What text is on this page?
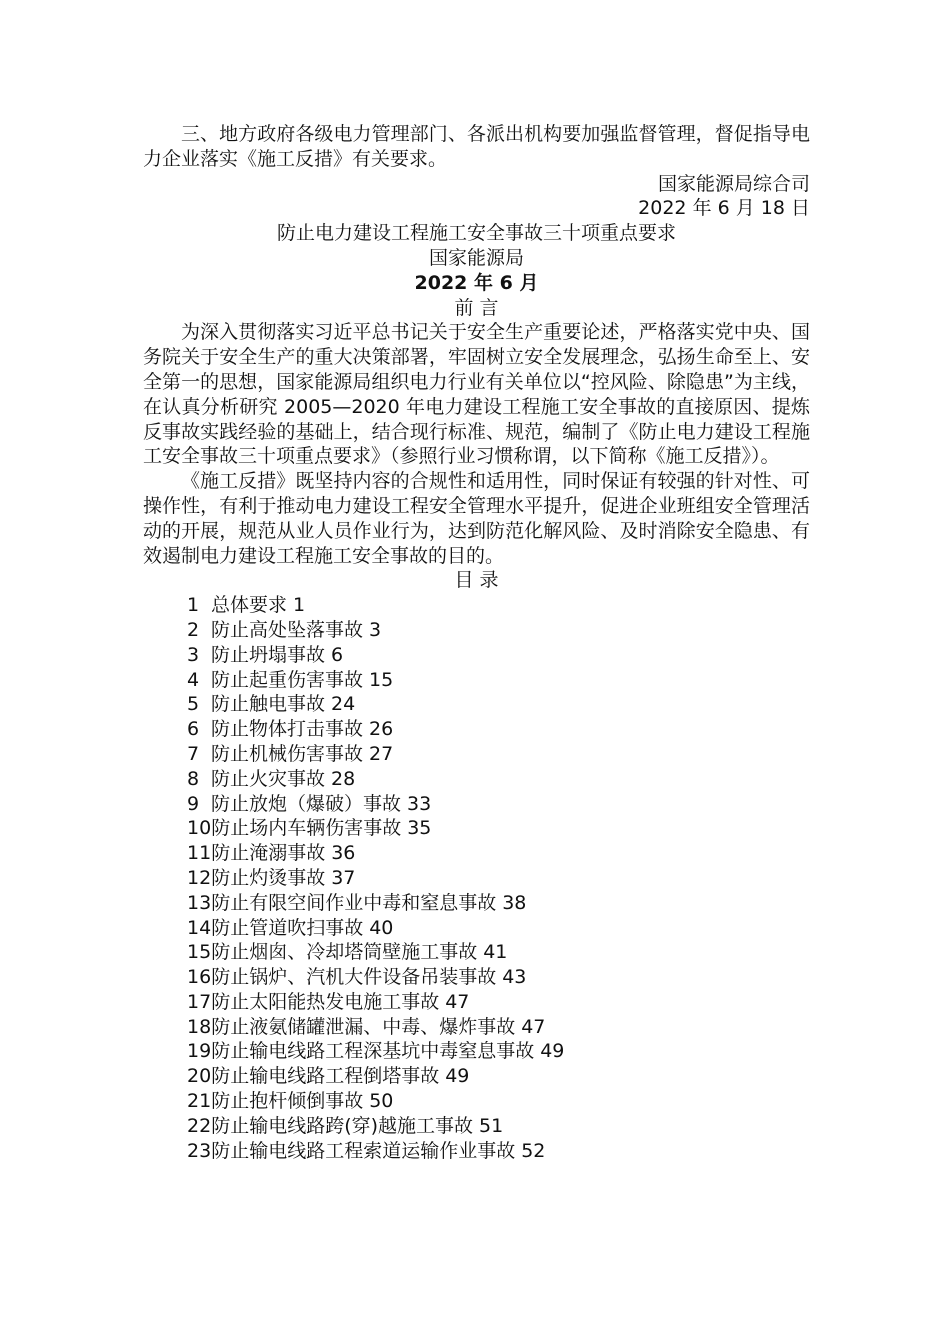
三、地方政府各级电力管理部门、各派出机构要加强监督管理，督促指导电力企业落实《施工反措》有关要求。

国家能源局综合司

2022 年 6 月 18 日

防止电力建设工程施工安全事故三十项重点要求

国家能源局

2022 年 6 月

前 言

为深入贯彻落实习近平总书记关于安全生产重要论述，严格落实党中央、国务院关于安全生产的重大决策部署，牢固树立安全发展理念，弘扬生命至上、安全第一的思想，国家能源局组织电力行业有关单位以“控风险、除隐患”为主线，在认真分析研究 2005—2020 年电力建设工程施工安全事故的直接原因、提炼反事故实践经验的基础上，结合现行标准、规范，编制了《防止电力建设工程施工安全事故三十项重点要求》（参照行业习惯称谓，以下简称《施工反措》）。

《施工反措》既坚持内容的合规性和适用性，同时保证有较强的针对性、可操作性，有利于推动电力建设工程安全管理水平提升，促进企业班组安全管理活动的开展，规范从业人员作业行为，达到防范化解风险、及时消除安全隐患、有效遏制电力建设工程施工安全事故的目的。

目 录

1 总体要求 1
2 防止高处坠落事故 3
3 防止坍塌事故 6
4 防止起重伤害事故 15
5 防止触电事故 24
6 防止物体打击事故 26
7 防止机械伤害事故 27
8 防止火灾事故 28
9 防止放炮（爆破）事故 33
10防止场内车辆伤害事故 35
11防止淹溺事故 36
12防止灼烫事故 37
13防止有限空间作业中毒和窒息事故 38
14防止管道吹扫事故 40
15防止烟囱、冷却塔筒壁施工事故 41
16防止锅炉、汽机大件设备吊装事故 43
17防止太阳能热发电施工事故 47
18防止液氨储罐泄漏、中毒、爆炸事故 47
19防止输电线路工程深基坑中毒窒息事故 49
20防止输电线路工程倒塔事故 49
21防止抱杆倾倒事故 50
22防止输电线路跨(穿)越施工事故 51
23防止输电线路工程索道运输作业事故 52
